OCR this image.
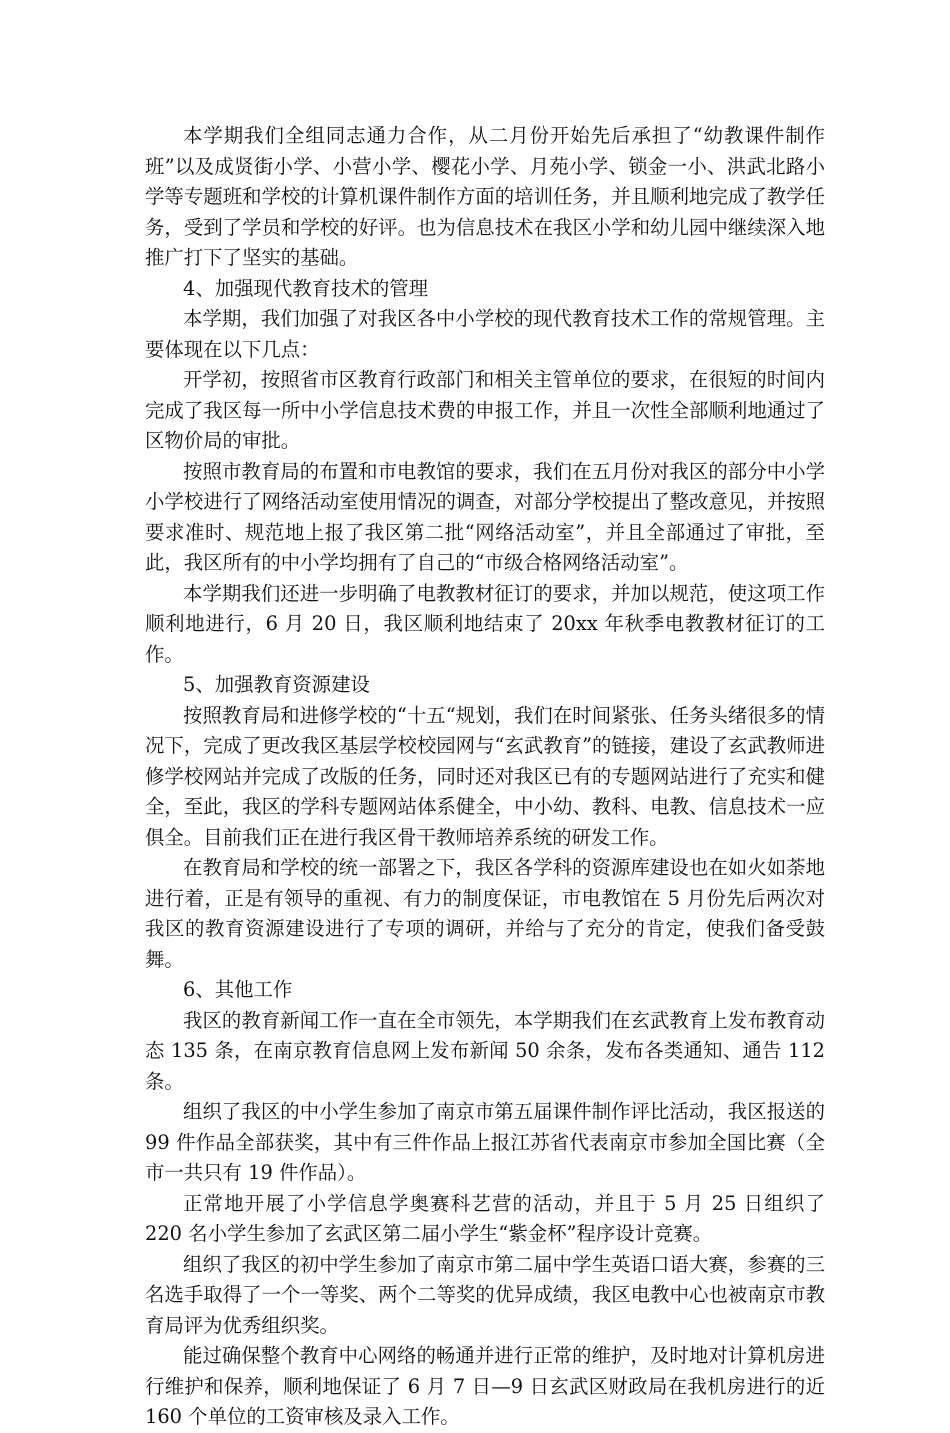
本学期我们全组同志通力合作，从二月份开始先后承担了“幼教课件制作班”以及成贤街小学、小营小学、樱花小学、月苑小学、锁金一小、洪武北路小学等专题班和学校的计算机课件制作方面的培训任务，并且顺利地完成了教学任务，受到了学员和学校的好评。也为信息技术在我区小学和幼儿园中继续深入地推广打下了坚实的基础。

4、加强现代教育技术的管理

本学期，我们加强了对我区各中小学校的现代教育技术工作的常规管理。主要体现在以下几点：

开学初，按照省市区教育行政部门和相关主管单位的要求，在很短的时间内完成了我区每一所中小学信息技术费的申报工作，并且一次性全部顺利地通过了区物价局的审批。

按照市教育局的布置和市电教馆的要求，我们在五月份对我区的部分中小学小学校进行了网络活动室使用情况的调查，对部分学校提出了整改意见，并按照要求准时、规范地上报了我区第二批“网络活动室”，并且全部通过了审批，至此，我区所有的中小学均拥有了自己的“市级合格网络活动室”。

本学期我们还进一步明确了电教教材征订的要求，并加以规范，使这项工作顺利地进行，6 月 20 日，我区顺利地结束了 20xx 年秋季电教教材征订的工作。

5、加强教育资源建设

按照教育局和进修学校的“十五“规划，我们在时间紧张、任务头绪很多的情况下，完成了更改我区基层学校校园网与“玄武教育”的链接，建设了玄武教师进修学校网站并完成了改版的任务，同时还对我区已有的专题网站进行了充实和健全，至此，我区的学科专题网站体系健全，中小幼、教科、电教、信息技术一应俱全。目前我们正在进行我区骨干教师培养系统的研发工作。

在教育局和学校的统一部署之下，我区各学科的资源库建设也在如火如荼地进行着，正是有领导的重视、有力的制度保证，市电教馆在 5 月份先后两次对我区的教育资源建设进行了专项的调研，并给与了充分的肯定，使我们备受鼓舞。

6、其他工作

我区的教育新闻工作一直在全市领先，本学期我们在玄武教育上发布教育动态 135 条，在南京教育信息网上发布新闻 50 余条，发布各类通知、通告 112 条。

组织了我区的中小学生参加了南京市第五届课件制作评比活动，我区报送的 99 件作品全部获奖，其中有三件作品上报江苏省代表南京市参加全国比赛（全市一共只有 19 件作品）。

正常地开展了小学信息学奥赛科艺营的活动，并且于 5 月 25 日组织了 220 名小学生参加了玄武区第二届小学生“紫金杯”程序设计竞赛。

组织了我区的初中学生参加了南京市第二届中学生英语口语大赛，参赛的三名选手取得了一个一等奖、两个二等奖的优异成绩，我区电教中心也被南京市教育局评为优秀组织奖。

能过确保整个教育中心网络的畅通并进行正常的维护，及时地对计算机房进行维护和保养，顺利地保证了 6 月 7 日—9 日玄武区财政局在我机房进行的近 160 个单位的工资审核及录入工作。
